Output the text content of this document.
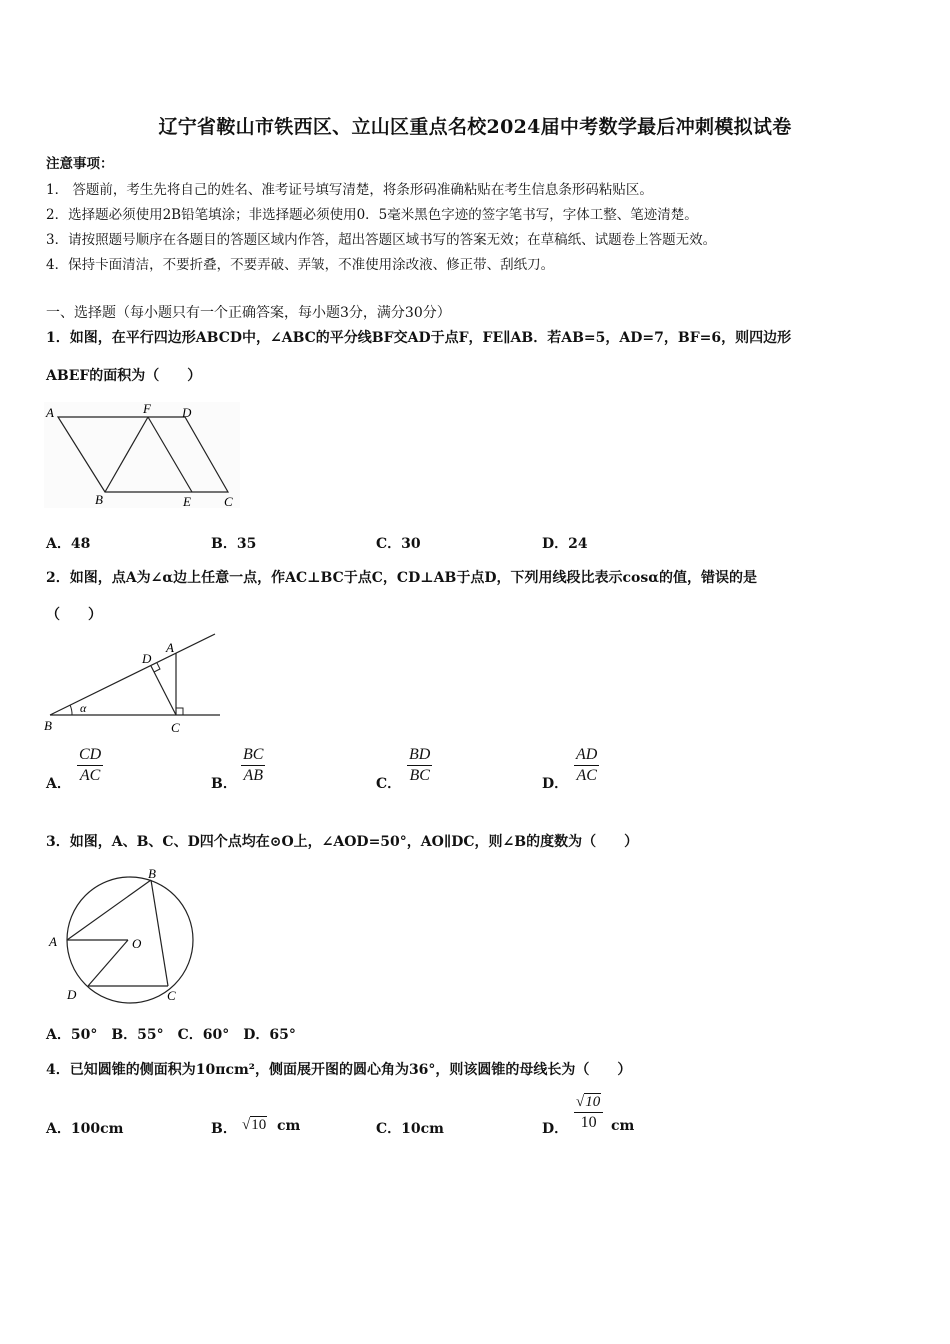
辽宁省鞍山市铁西区、立山区重点名校2024届中考数学最后冲刺模拟试卷
注意事项：
1． 答题前，考生先将自己的姓名、准考证号填写清楚，将条形码准确粘贴在考生信息条形码粘贴区。
2．选择题必须使用2B铅笔填涂；非选择题必须使用0．5毫米黑色字迹的签字笔书写，字体工整、笔迹清楚。
3．请按照题号顺序在各题目的答题区域内作答，超出答题区域书写的答案无效；在草稿纸、试题卷上答题无效。
4．保持卡面清洁，不要折叠，不要弄破、弄皱，不准使用涂改液、修正带、刮纸刀。
一、选择题（每小题只有一个正确答案，每小题3分，满分30分）
1．如图，在平行四边形ABCD中，∠ABC的平分线BF交AD于点F，FE∥AB．若AB=5，AD=7，BF=6，则四边形
ABEF的面积为（　　）
A	F D
B	E	C
A．48	B．35	C．30	D．24
2．如图，点A为∠α边上任意一点，作AC⊥BC于点C，CD⊥AB于点D，下列用线段比表示cosα的值，错误的是
（　　）
α
A
D
B	C
A． $\frac{CD}{AC}$	B． $\frac{BC}{AB}$	C． $\frac{BD}{BC}$	D． $\frac{AD}{AC}$
3．如图，A、B、C、D四个点均在⊙O上，∠AOD=50°，AO∥DC，则∠B的度数为（　　）
B
A	O
D	C
A．50°　B．55°　C．60°　D．65°
4．已知圆锥的侧面积为10πcm²，侧面展开图的圆心角为36°，则该圆锥的母线长为（　　）
A．100cm	B． √10 cm	C．10cm	D． $\frac{√10}{10}$ cm
